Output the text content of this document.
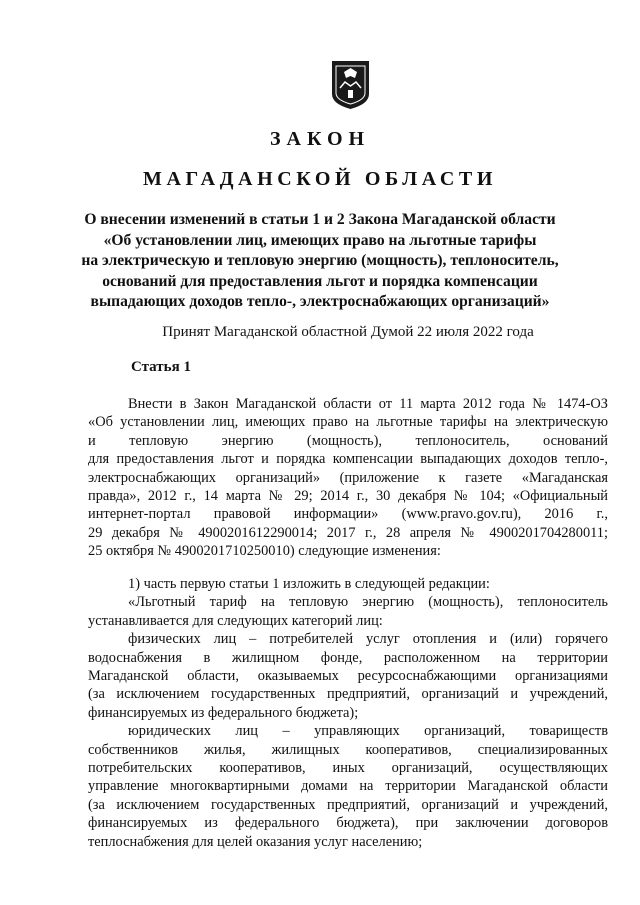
ЗАКОН
МАГАДАНСКОЙ ОБЛАСТИ
О внесении изменений в статьи 1 и 2 Закона Магаданской области
«Об установлении лиц, имеющих право на льготные тарифы
на электрическую и тепловую энергию (мощность), теплоноситель,
оснований для предоставления льгот и порядка компенсации
выпадающих доходов тепло-, электроснабжающих организаций»
Принят Магаданской областной Думой 22 июля 2022 года
Статья 1
Внести в Закон Магаданской области от 11 марта 2012 года № 1474-ОЗ
«Об установлении лиц, имеющих право на льготные тарифы на электрическую
и тепловую энергию (мощность), теплоноситель, оснований
для предоставления льгот и порядка компенсации выпадающих доходов тепло-,
электроснабжающих организаций» (приложение к газете «Магаданская
правда», 2012 г., 14 марта № 29; 2014 г., 30 декабря № 104; «Официальный
интернет-портал правовой информации» (www.pravo.gov.ru), 2016 г.,
29 декабря № 4900201612290014; 2017 г., 28 апреля № 4900201704280011;
25 октября № 4900201710250010) следующие изменения:
1) часть первую статьи 1 изложить в следующей редакции:
«Льготный тариф на тепловую энергию (мощность), теплоноситель
устанавливается для следующих категорий лиц:
физических лиц – потребителей услуг отопления и (или) горячего
водоснабжения в жилищном фонде, расположенном на территории
Магаданской области, оказываемых ресурсоснабжающими организациями
(за исключением государственных предприятий, организаций и учреждений,
финансируемых из федерального бюджета);
юридических лиц – управляющих организаций, товариществ
собственников жилья, жилищных кооперативов, специализированных
потребительских кооперативов, иных организаций, осуществляющих
управление многоквартирными домами на территории Магаданской области
(за исключением государственных предприятий, организаций и учреждений,
финансируемых из федерального бюджета), при заключении договоров
теплоснабжения для целей оказания услуг населению;
